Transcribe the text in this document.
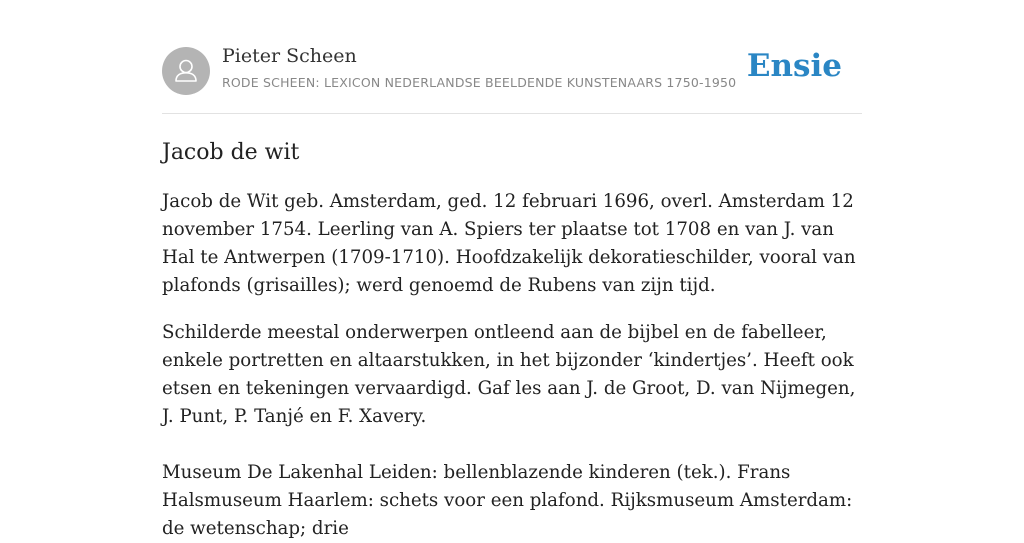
Pieter Scheen
RODE SCHEEN: LEXICON NEDERLANDSE BEELDENDE KUNSTENAARS 1750-1950 Ensie
Jacob de wit

Jacob de Wit geb. Amsterdam, ged. 12 februari 1696, overl. Amsterdam 12 november 1754. Leerling van A. Spiers ter plaatse tot 1708 en van J. van Hal te Antwerpen (1709-1710). Hoofdzakelijk dekoratieschilder, vooral van plafonds (grisailles); werd genoemd de Rubens van zijn tijd.

Schilderde meestal onderwerpen ontleend aan de bijbel en de fabelleer, enkele portretten en altaarstukken, in het bijzonder ‘kindertjes’. Heeft ook etsen en tekeningen vervaardigd. Gaf les aan J. de Groot, D. van Nijmegen, J. Punt, P. Tanjé en F. Xavery.

Museum De Lakenhal Leiden: bellenblazende kinderen (tek.). Frans Halsmuseum Haarlem: schets voor een plafond. Rijksmuseum Amsterdam: de wetenschap; drie
